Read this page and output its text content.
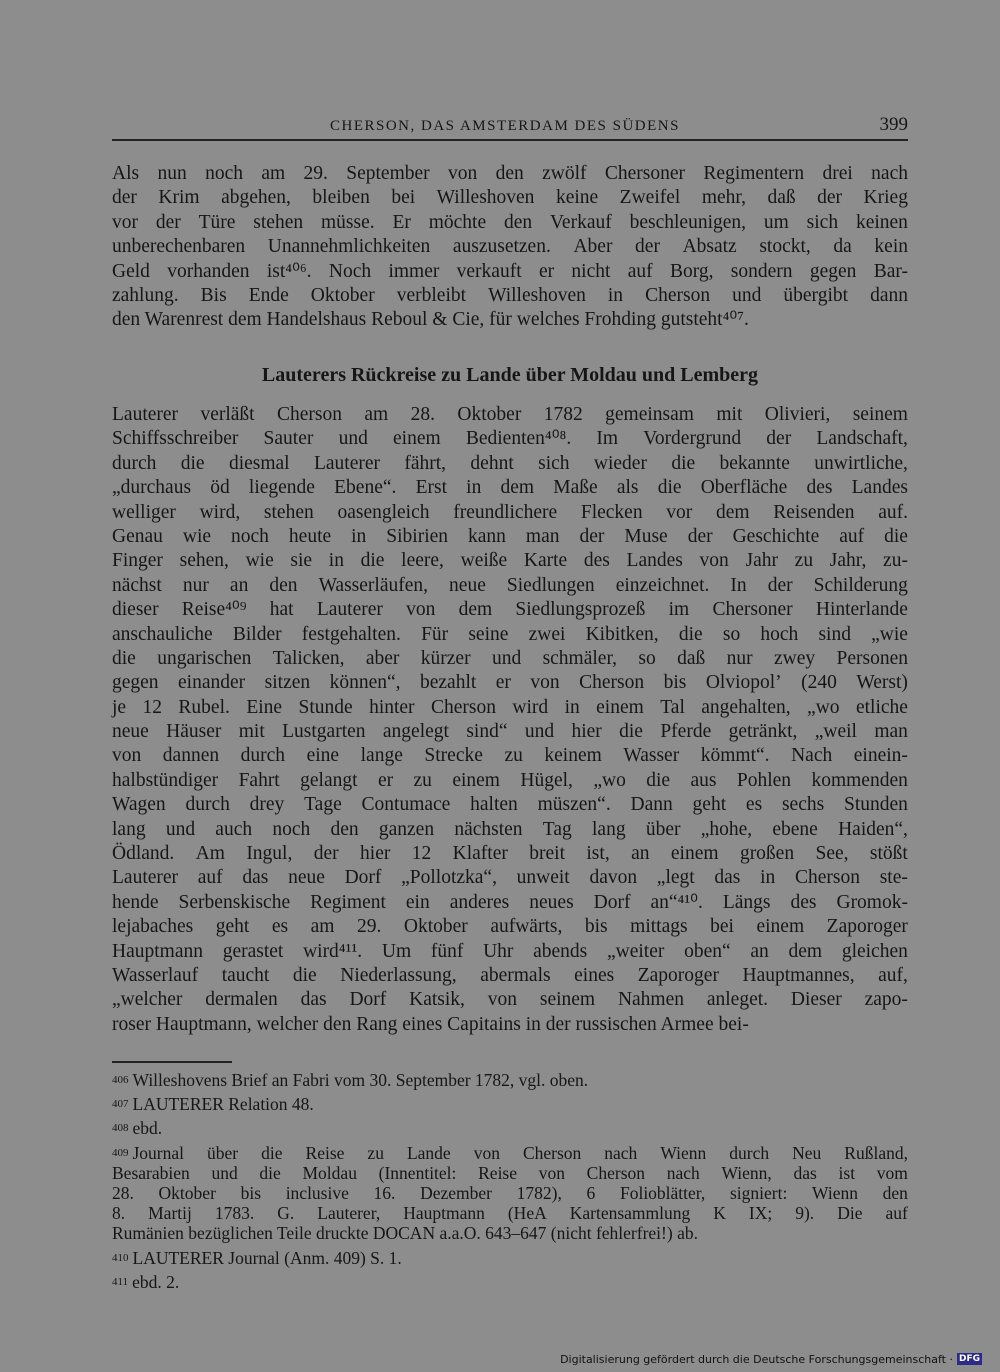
CHERSON, DAS AMSTERDAM DES SÜDENS	399
Als nun noch am 29. September von den zwölf Chersoner Regimentern drei nach
der Krim abgehen, bleiben bei Willeshoven keine Zweifel mehr, daß der Krieg
vor der Türe stehen müsse. Er möchte den Verkauf beschleunigen, um sich keinen
unberechenbaren Unannehmlichkeiten auszusetzen. Aber der Absatz stockt, da kein
Geld vorhanden ist⁴⁰⁶. Noch immer verkauft er nicht auf Borg, sondern gegen Bar-
zahlung. Bis Ende Oktober verbleibt Willeshoven in Cherson und übergibt dann
den Warenrest dem Handelshaus Reboul & Cie, für welches Frohding gutsteht⁴⁰⁷.
Lauterers Rückreise zu Lande über Moldau und Lemberg
Lauterer verläßt Cherson am 28. Oktober 1782 gemeinsam mit Olivieri, seinem
Schiffsschreiber Sauter und einem Bedienten⁴⁰⁸. Im Vordergrund der Landschaft,
durch die diesmal Lauterer fährt, dehnt sich wieder die bekannte unwirtliche,
„durchaus öd liegende Ebene“. Erst in dem Maße als die Oberfläche des Landes
welliger wird, stehen oasengleich freundlichere Flecken vor dem Reisenden auf.
Genau wie noch heute in Sibirien kann man der Muse der Geschichte auf die
Finger sehen, wie sie in die leere, weiße Karte des Landes von Jahr zu Jahr, zu-
nächst nur an den Wasserläufen, neue Siedlungen einzeichnet. In der Schilderung
dieser Reise⁴⁰⁹ hat Lauterer von dem Siedlungsprozeß im Chersoner Hinterlande
anschauliche Bilder festgehalten. Für seine zwei Kibitken, die so hoch sind „wie
die ungarischen Talicken, aber kürzer und schmäler, so daß nur zwey Personen
gegen einander sitzen können“, bezahlt er von Cherson bis Olviopol’ (240 Werst)
je 12 Rubel. Eine Stunde hinter Cherson wird in einem Tal angehalten, „wo etliche
neue Häuser mit Lustgarten angelegt sind“ und hier die Pferde getränkt, „weil man
von dannen durch eine lange Strecke zu keinem Wasser kömmt“. Nach einein-
halbstündiger Fahrt gelangt er zu einem Hügel, „wo die aus Pohlen kommenden
Wagen durch drey Tage Contumace halten müszen“. Dann geht es sechs Stunden
lang und auch noch den ganzen nächsten Tag lang über „hohe, ebene Haiden“,
Ödland. Am Ingul, der hier 12 Klafter breit ist, an einem großen See, stößt
Lauterer auf das neue Dorf „Pollotzka“, unweit davon „legt das in Cherson ste-
hende Serbenskische Regiment ein anderes neues Dorf an“⁴¹⁰. Längs des Gromok-
lejabaches geht es am 29. Oktober aufwärts, bis mittags bei einem Zaporoger
Hauptmann gerastet wird⁴¹¹. Um fünf Uhr abends „weiter oben“ an dem gleichen
Wasserlauf taucht die Niederlassung, abermals eines Zaporoger Hauptmannes, auf,
„welcher dermalen das Dorf Katsik, von seinem Nahmen anleget. Dieser zapo-
roser Hauptmann, welcher den Rang eines Capitains in der russischen Armee bei-
406 Willeshovens Brief an Fabri vom 30. September 1782, vgl. oben.
407 LAUTERER Relation 48.
408 ebd.
409 Journal über die Reise zu Lande von Cherson nach Wienn durch Neu Rußland,
Besarabien und die Moldau (Innentitel: Reise von Cherson nach Wienn, das ist vom
28. Oktober bis inclusive 16. Dezember 1782), 6 Folioblätter, signiert: Wienn den
8. Martij 1783. G. Lauterer, Hauptmann (HeA Kartensammlung K IX; 9). Die auf
Rumänien bezüglichen Teile druckte DOCAN a.a.O. 643–647 (nicht fehlerfrei!) ab.
410 LAUTERER Journal (Anm. 409) S. 1.
411 ebd. 2.
Digitalisierung gefördert durch die Deutsche Forschungsgemeinschaft · DFG
